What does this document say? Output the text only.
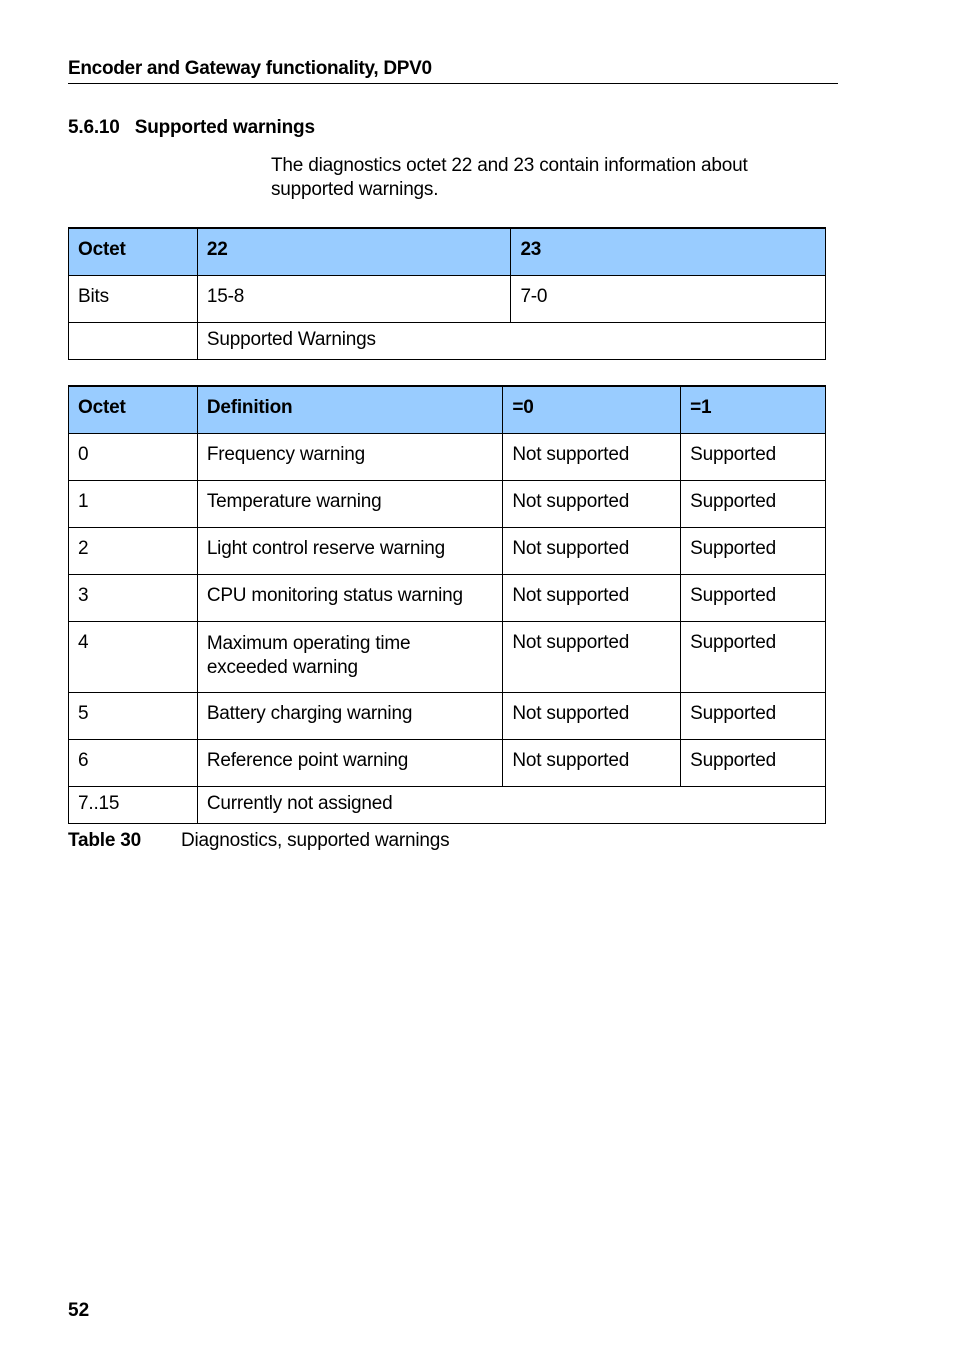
Encoder and Gateway functionality, DPV0
5.6.10 Supported warnings
The diagnostics octet 22 and 23 contain information about supported warnings.
Octet	22	23
Bits	15-8	7-0
	Supported Warnings	
Octet	Definition	=0	=1
0	Frequency warning	Not supported	Supported
1	Temperature warning	Not supported	Supported
2	Light control reserve warning	Not supported	Supported
3	CPU monitoring status warning	Not supported	Supported
4	Maximum operating time exceeded warning	Not supported	Supported
5	Battery charging warning	Not supported	Supported
6	Reference point warning	Not supported	Supported
7..15	Currently not assigned		
Table 30 Diagnostics, supported warnings
52
